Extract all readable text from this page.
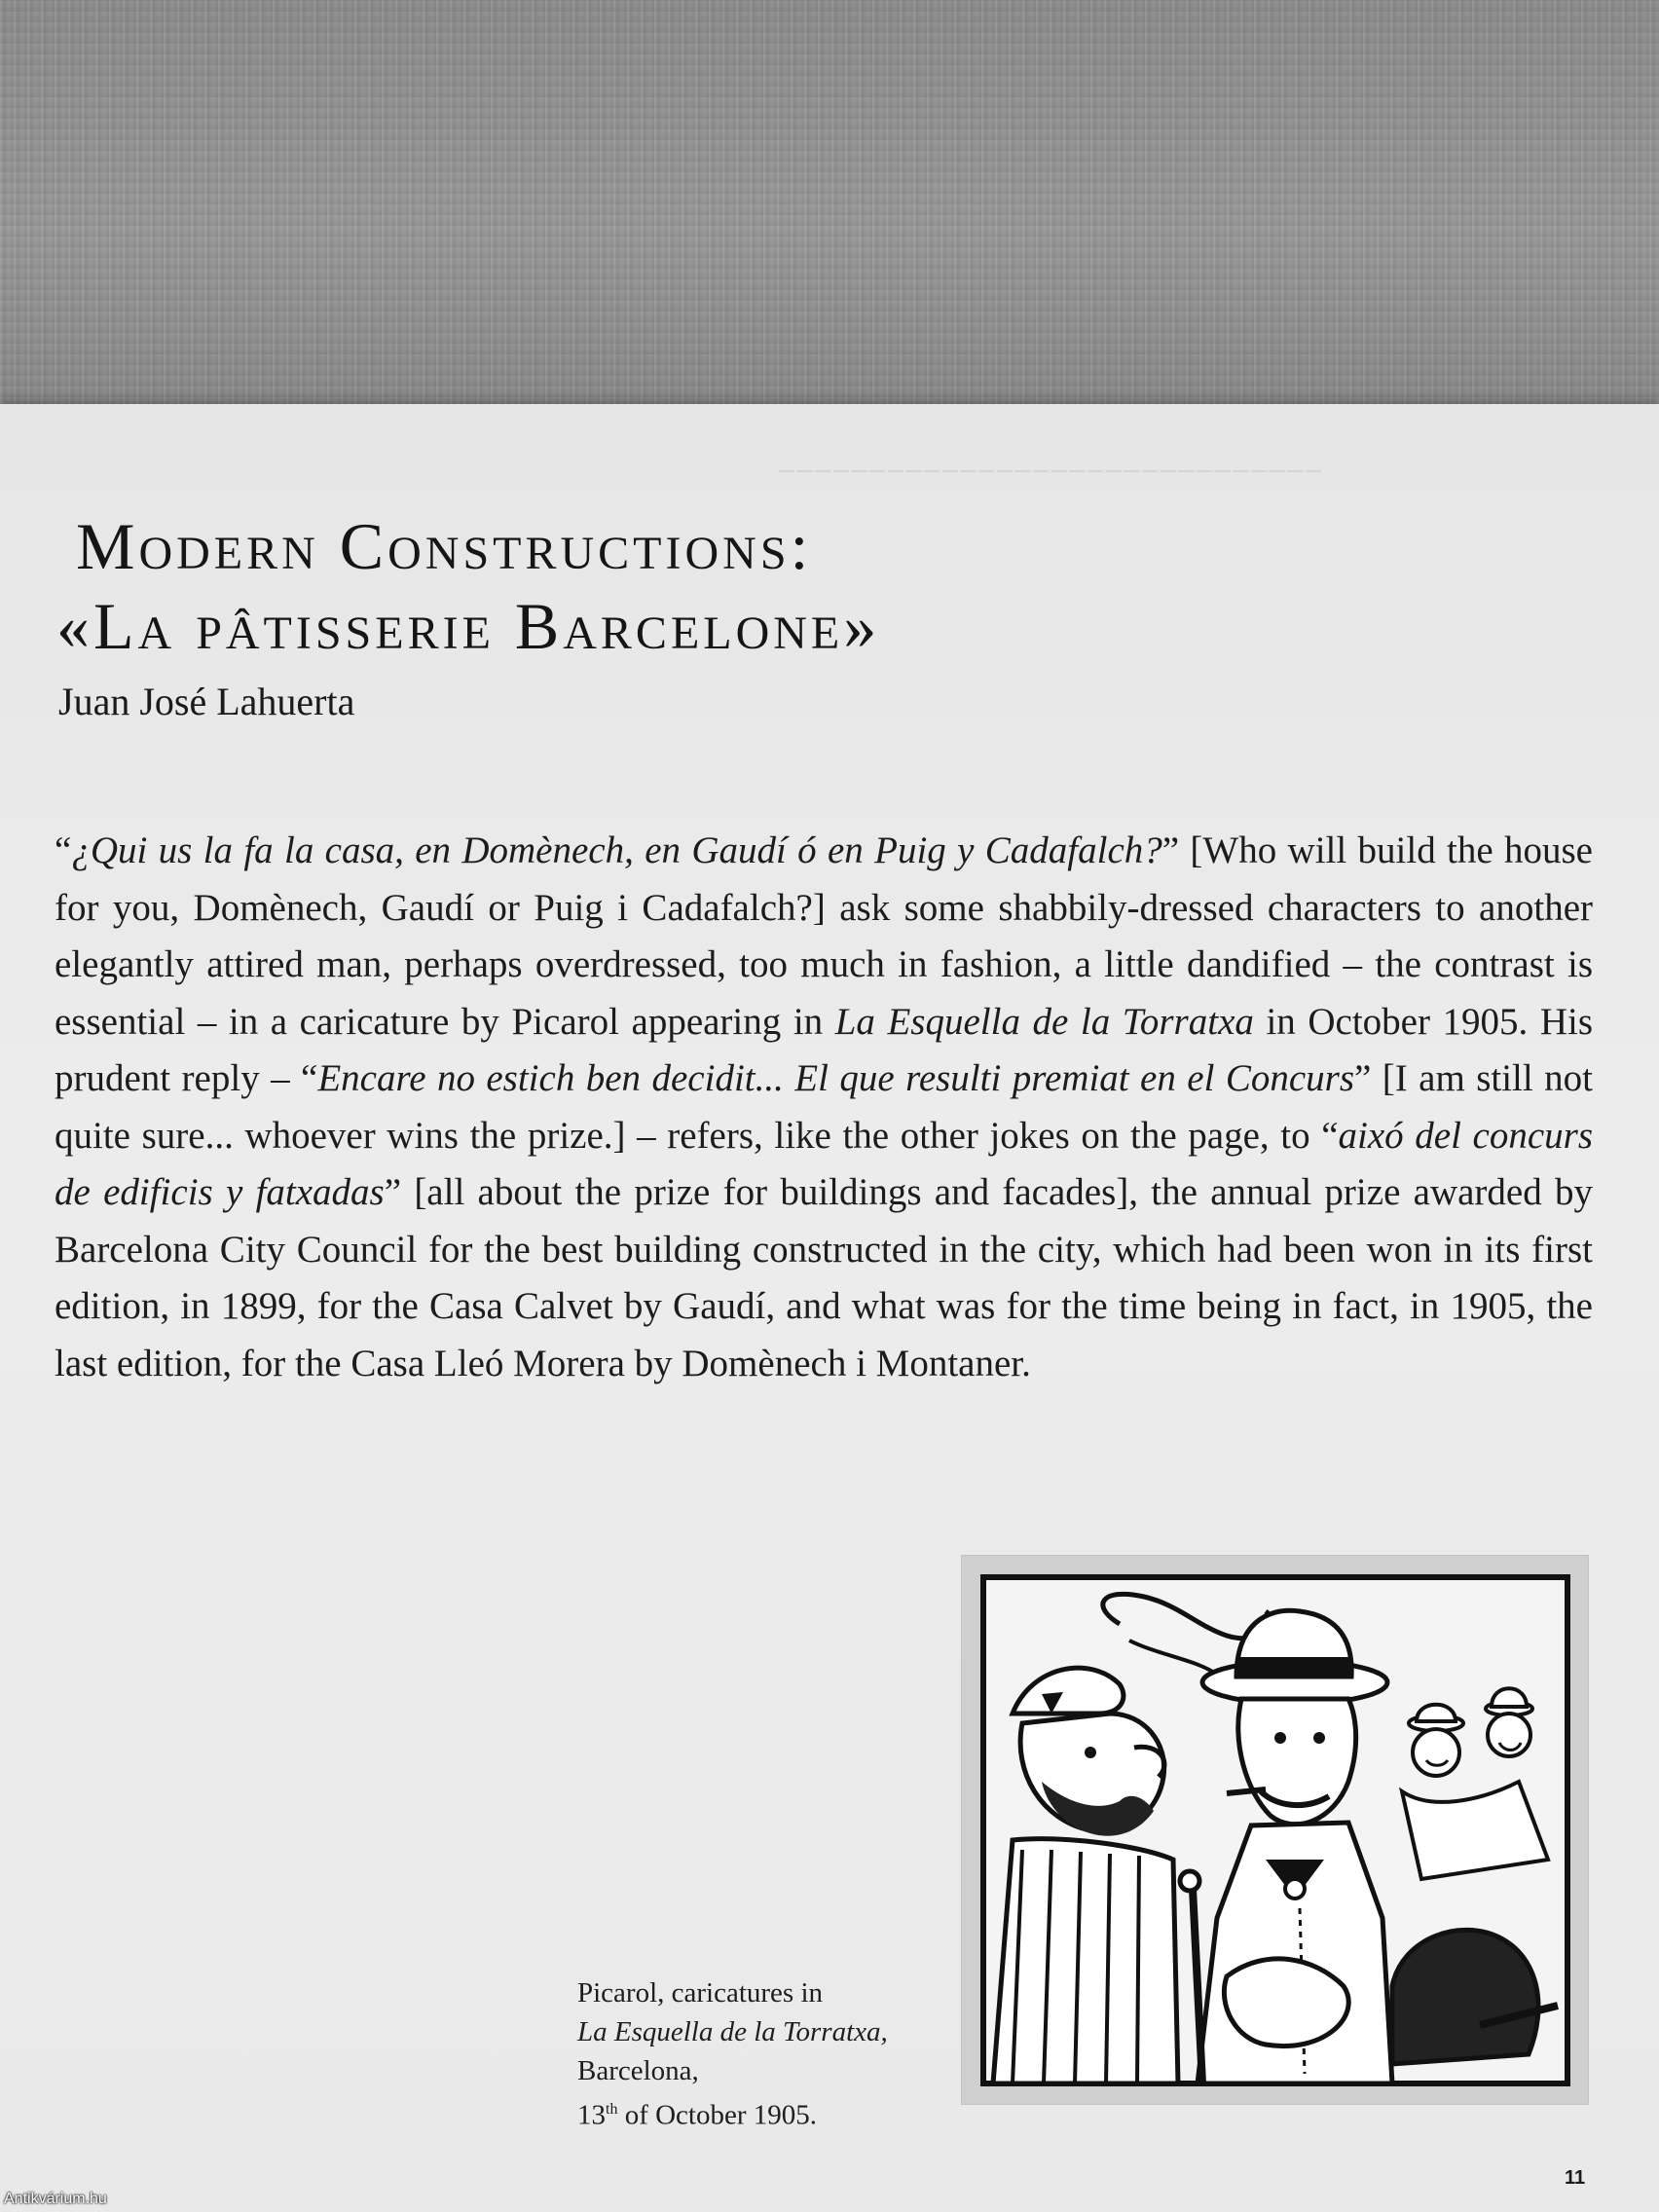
──────────────────────────────
Modern Constructions:
«La pâtisserie Barcelone»
Juan José Lahuerta

“¿Qui us la fa la casa, en Domènech, en Gaudí ó en Puig y Cadafalch?” [Who will build the house for you, Domènech, Gaudí or Puig i Cadafalch?] ask some shabbily-dressed characters to another elegantly attired man, perhaps overdressed, too much in fashion, a little dandified – the contrast is essential – in a caricature by Picarol appearing in La Esquella de la Torratxa in October 1905. His prudent reply – “Encare no estich ben decidit... El que resulti premiat en el Concurs” [I am still not quite sure... whoever wins the prize.] – refers, like the other jokes on the page, to “aixó del concurs de edificis y fatxadas” [all about the prize for buildings and facades], the annual prize awarded by Barcelona City Council for the best building constructed in the city, which had been won in its first edition, in 1899, for the Casa Calvet by Gaudí, and what was for the time being in fact, in 1905, the last edition, for the Casa Lleó Morera by Domènech i Montaner.

Picarol, caricatures in
La Esquella de la Torratxa,
Barcelona,
13th of October 1905.
11
Antikvárium.hu
